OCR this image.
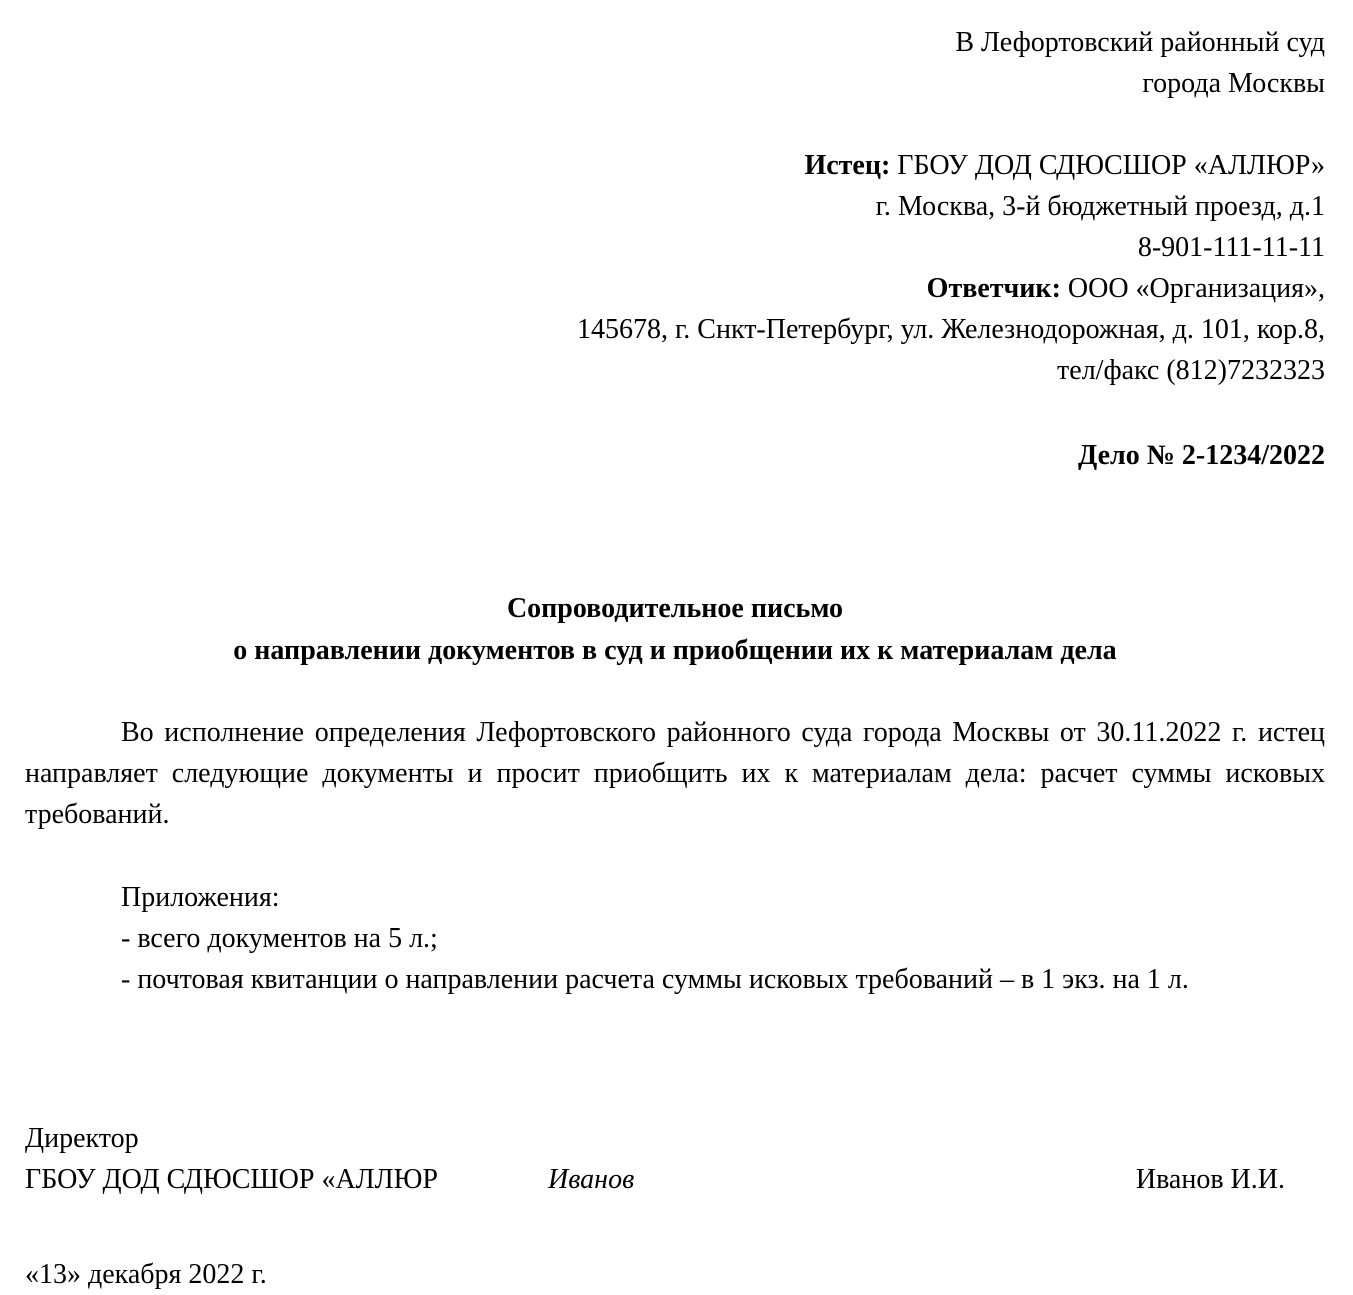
В Лефортовский районный суд
города Москвы
Истец: ГБОУ ДОД СДЮСШОР «АЛЛЮР»
г. Москва, 3-й бюджетный проезд, д.1
8-901-111-11-11
Ответчик: ООО «Организация»,
145678, г. Снкт-Петербург, ул. Железнодорожная, д. 101, кор.8,
тел/факс (812)7232323
Дело № 2-1234/2022
Сопроводительное письмо
о направлении документов в суд и приобщении их к материалам дела
Во исполнение определения Лефортовского районного суда города Москвы от 30.11.2022 г. истец направляет следующие документы и просит приобщить их к материалам дела: расчет суммы исковых требований.
Приложения:
- всего документов на 5 л.;
- почтовая квитанции о направлении расчета суммы исковых требований – в 1 экз. на 1 л.
Директор
ГБОУ ДОД СДЮСШОР «АЛЛЮР	Иванов	Иванов И.И.
«13» декабря 2022 г.
